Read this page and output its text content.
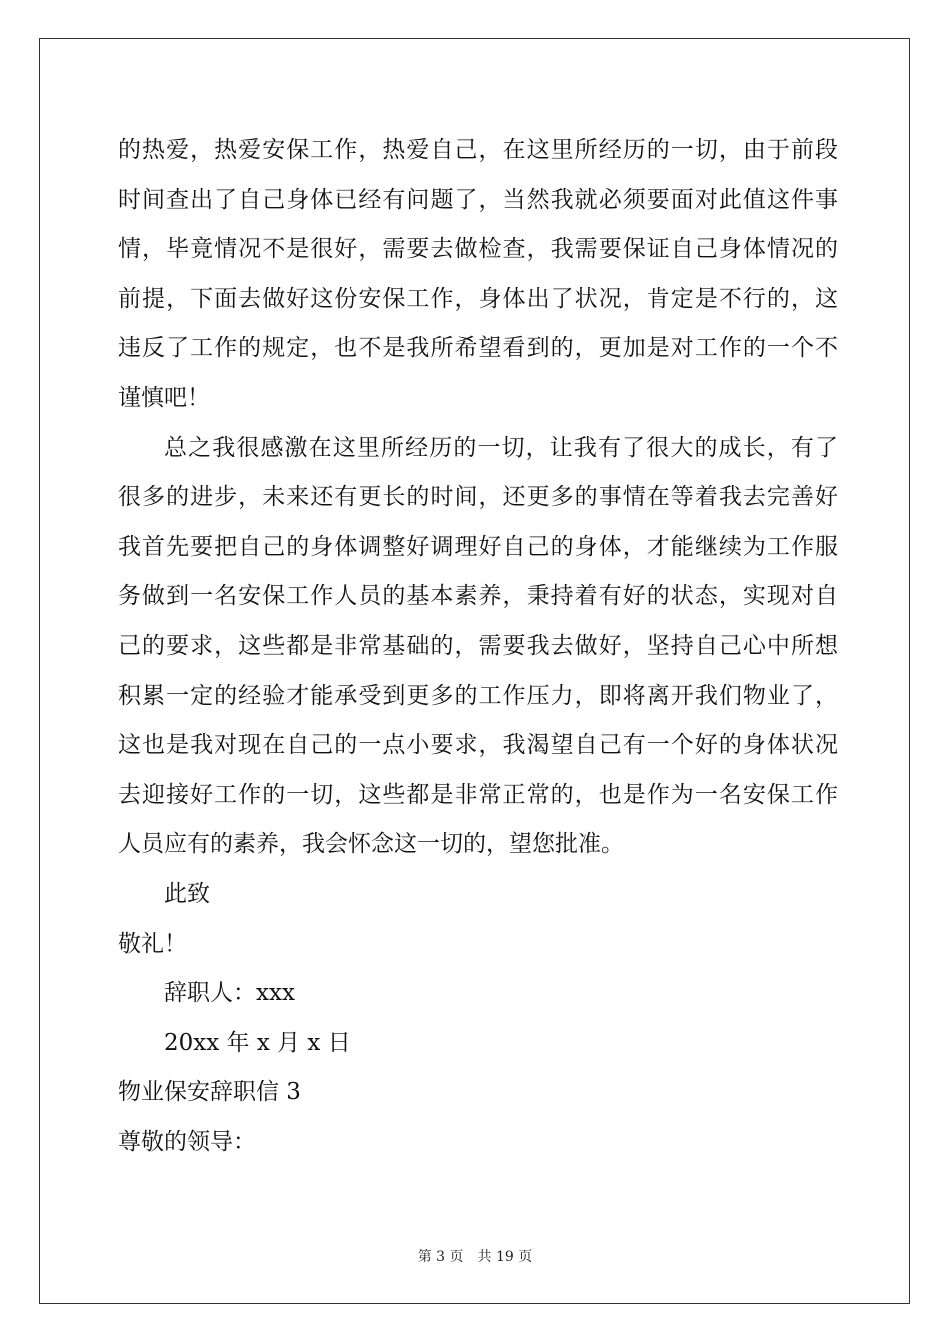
的热爱，热爱安保工作，热爱自己，在这里所经历的一切，由于前段
时间查出了自己身体已经有问题了，当然我就必须要面对此值这件事
情，毕竟情况不是很好，需要去做检查，我需要保证自己身体情况的
前提，下面去做好这份安保工作，身体出了状况，肯定是不行的，这
违反了工作的规定，也不是我所希望看到的，更加是对工作的一个不
谨慎吧！
总之我很感激在这里所经历的一切，让我有了很大的成长，有了
很多的进步，未来还有更长的时间，还更多的事情在等着我去完善好
我首先要把自己的身体调整好调理好自己的身体，才能继续为工作服
务做到一名安保工作人员的基本素养，秉持着有好的状态，实现对自
己的要求，这些都是非常基础的，需要我去做好，坚持自己心中所想
积累一定的经验才能承受到更多的工作压力，即将离开我们物业了，
这也是我对现在自己的一点小要求，我渴望自己有一个好的身体状况
去迎接好工作的一切，这些都是非常正常的，也是作为一名安保工作
人员应有的素养，我会怀念这一切的，望您批准。
此致
敬礼！
辞职人：xxx
20xx 年 x 月 x 日
物业保安辞职信 3
尊敬的领导：
第 3 页 共 19 页
